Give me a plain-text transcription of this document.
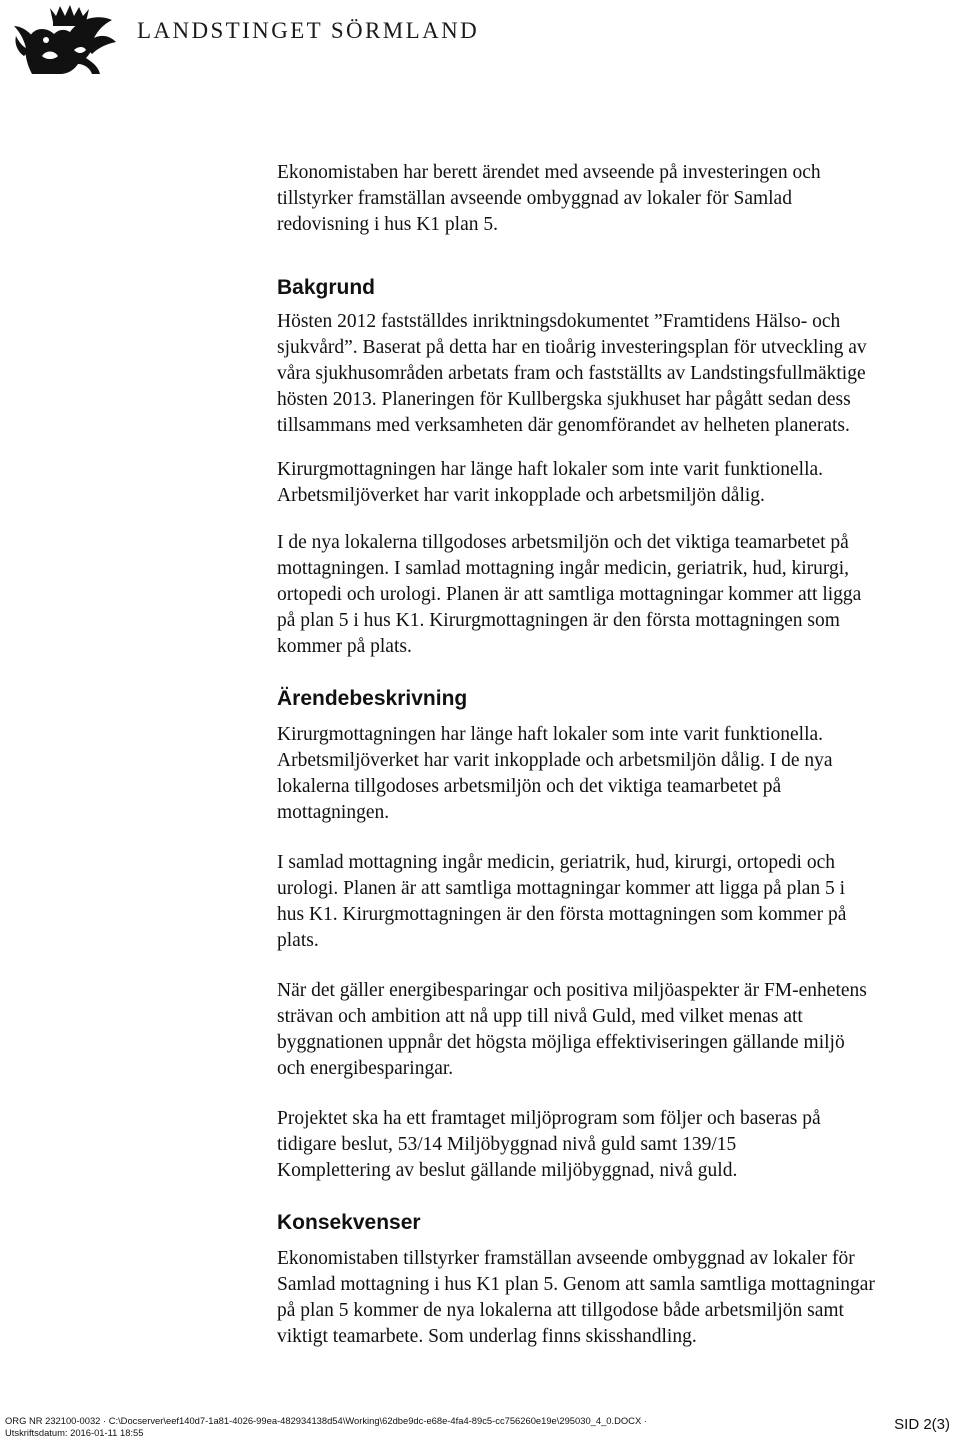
LANDSTINGET SÖRMLAND

Ekonomistaben har berett ärendet med avseende på investeringen och
tillstyrker framställan avseende ombyggnad av lokaler för Samlad
redovisning i hus K1 plan 5.

Bakgrund

Hösten 2012 fastställdes inriktningsdokumentet ”Framtidens Hälso- och
sjukvård”. Baserat på detta har en tioårig investeringsplan för utveckling av
våra sjukhusområden arbetats fram och fastställts av Landstingsfullmäktige
hösten 2013. Planeringen för Kullbergska sjukhuset har pågått sedan dess
tillsammans med verksamheten där genomförandet av helheten planerats.

Kirurgmottagningen har länge haft lokaler som inte varit funktionella.
Arbetsmiljöverket har varit inkopplade och arbetsmiljön dålig.

I de nya lokalerna tillgodoses arbetsmiljön och det viktiga teamarbetet på
mottagningen. I samlad mottagning ingår medicin, geriatrik, hud, kirurgi,
ortopedi och urologi. Planen är att samtliga mottagningar kommer att ligga
på plan 5 i hus K1. Kirurgmottagningen är den första mottagningen som
kommer på plats.

Ärendebeskrivning

Kirurgmottagningen har länge haft lokaler som inte varit funktionella.
Arbetsmiljöverket har varit inkopplade och arbetsmiljön dålig. I de nya
lokalerna tillgodoses arbetsmiljön och det viktiga teamarbetet på
mottagningen.

I samlad mottagning ingår medicin, geriatrik, hud, kirurgi, ortopedi och
urologi. Planen är att samtliga mottagningar kommer att ligga på plan 5 i
hus K1. Kirurgmottagningen är den första mottagningen som kommer på
plats.

När det gäller energibesparingar och positiva miljöaspekter är FM-enhetens
strävan och ambition att nå upp till nivå Guld, med vilket menas att
byggnationen uppnår det högsta möjliga effektiviseringen gällande miljö
och energibesparingar.

Projektet ska ha ett framtaget miljöprogram som följer och baseras på
tidigare beslut, 53/14 Miljöbyggnad nivå guld samt 139/15
Komplettering av beslut gällande miljöbyggnad, nivå guld.

Konsekvenser

Ekonomistaben tillstyrker framställan avseende ombyggnad av lokaler för
Samlad mottagning i hus K1 plan 5. Genom att samla samtliga mottagningar
på plan 5 kommer de nya lokalerna att tillgodose både arbetsmiljön samt
viktigt teamarbete. Som underlag finns skisshandling.

ORG NR 232100-0032 · C:\Docserver\eef140d7-1a81-4026-99ea-482934138d54\Working\62dbe9dc-e68e-4fa4-89c5-cc756260e19e\295030_4_0.DOCX ·
Utskriftsdatum: 2016-01-11 18:55	SID 2(3)
